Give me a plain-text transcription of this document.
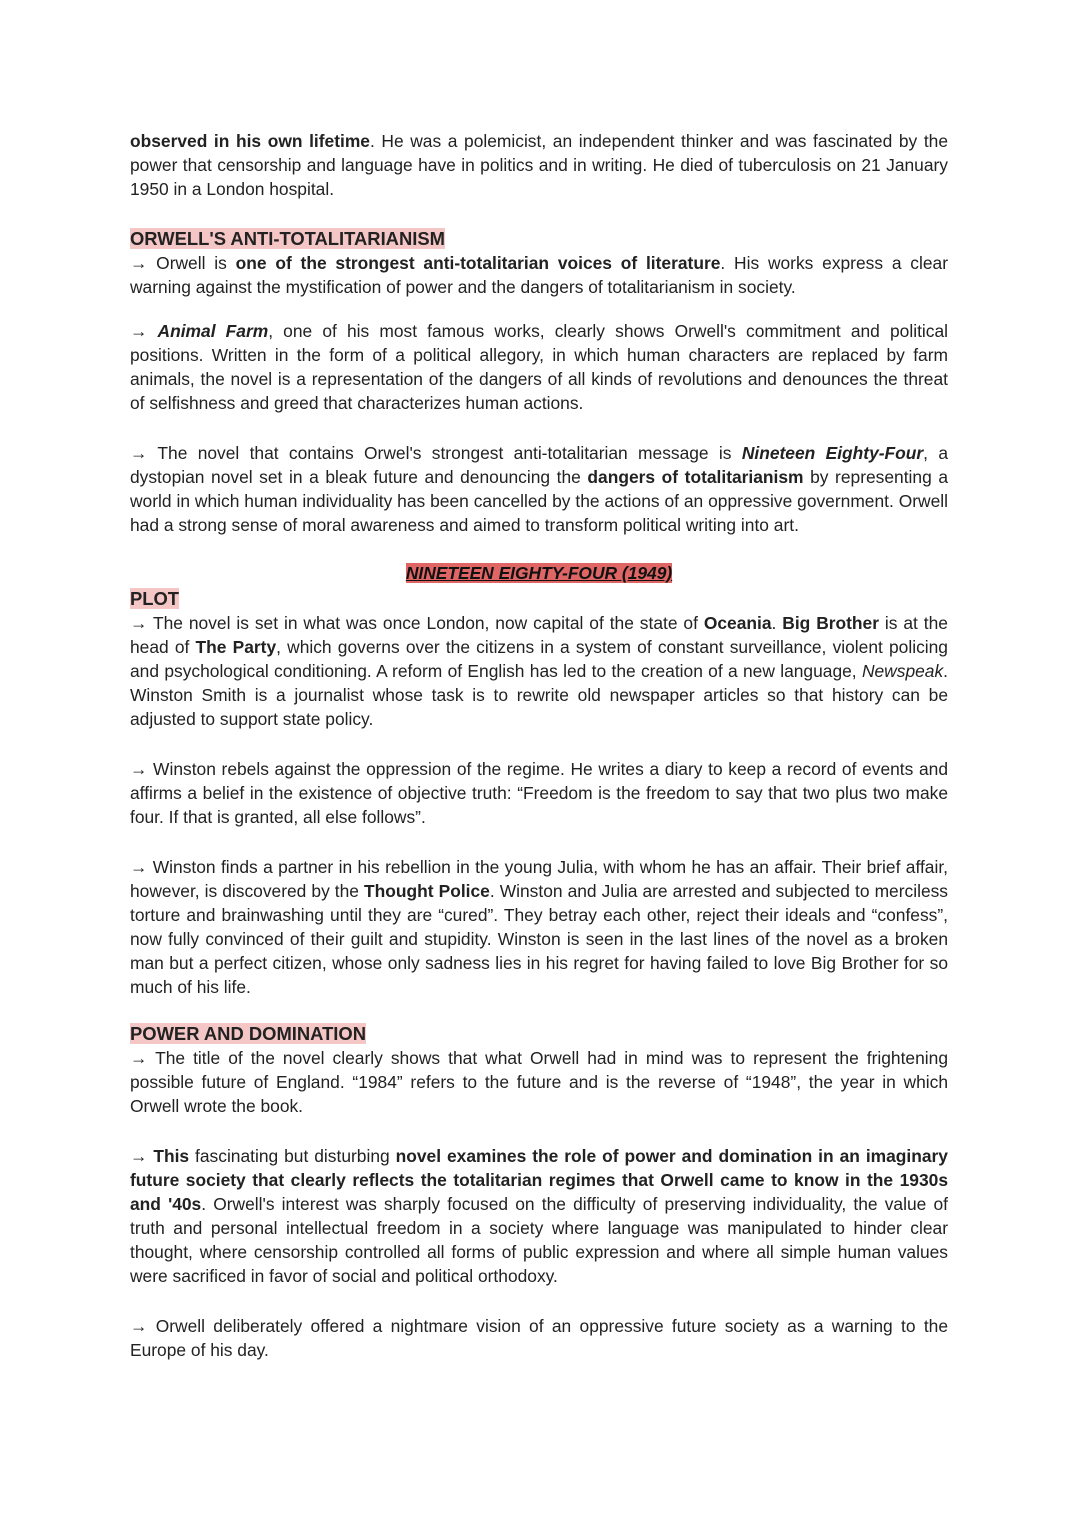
observed in his own lifetime. He was a polemicist, an independent thinker and was fascinated by the power that censorship and language have in politics and in writing. He died of tuberculosis on 21 January 1950 in a London hospital.

ORWELL'S ANTI-TOTALITARIANISM

→ Orwell is one of the strongest anti-totalitarian voices of literature. His works express a clear warning against the mystification of power and the dangers of totalitarianism in society.

→ Animal Farm, one of his most famous works, clearly shows Orwell's commitment and political positions. Written in the form of a political allegory, in which human characters are replaced by farm animals, the novel is a representation of the dangers of all kinds of revolutions and denounces the threat of selfishness and greed that characterizes human actions.

→ The novel that contains Orwel's strongest anti-totalitarian message is Nineteen Eighty-Four, a dystopian novel set in a bleak future and denouncing the dangers of totalitarianism by representing a world in which human individuality has been cancelled by the actions of an oppressive government. Orwell had a strong sense of moral awareness and aimed to transform political writing into art.

NINETEEN EIGHTY-FOUR (1949)

PLOT

→ The novel is set in what was once London, now capital of the state of Oceania. Big Brother is at the head of The Party, which governs over the citizens in a system of constant surveillance, violent policing and psychological conditioning. A reform of English has led to the creation of a new language, Newspeak. Winston Smith is a journalist whose task is to rewrite old newspaper articles so that history can be adjusted to support state policy.

→ Winston rebels against the oppression of the regime. He writes a diary to keep a record of events and affirms a belief in the existence of objective truth: “Freedom is the freedom to say that two plus two make four. If that is granted, all else follows”.

→ Winston finds a partner in his rebellion in the young Julia, with whom he has an affair. Their brief affair, however, is discovered by the Thought Police. Winston and Julia are arrested and subjected to merciless torture and brainwashing until they are “cured”. They betray each other, reject their ideals and “confess”, now fully convinced of their guilt and stupidity. Winston is seen in the last lines of the novel as a broken man but a perfect citizen, whose only sadness lies in his regret for having failed to love Big Brother for so much of his life.

POWER AND DOMINATION

→ The title of the novel clearly shows that what Orwell had in mind was to represent the frightening possible future of England. “1984” refers to the future and is the reverse of “1948”, the year in which Orwell wrote the book.

→ This fascinating but disturbing novel examines the role of power and domination in an imaginary future society that clearly reflects the totalitarian regimes that Orwell came to know in the 1930s and '40s. Orwell's interest was sharply focused on the difficulty of preserving individuality, the value of truth and personal intellectual freedom in a society where language was manipulated to hinder clear thought, where censorship controlled all forms of public expression and where all simple human values were sacrificed in favor of social and political orthodoxy.

→ Orwell deliberately offered a nightmare vision of an oppressive future society as a warning to the Europe of his day.
